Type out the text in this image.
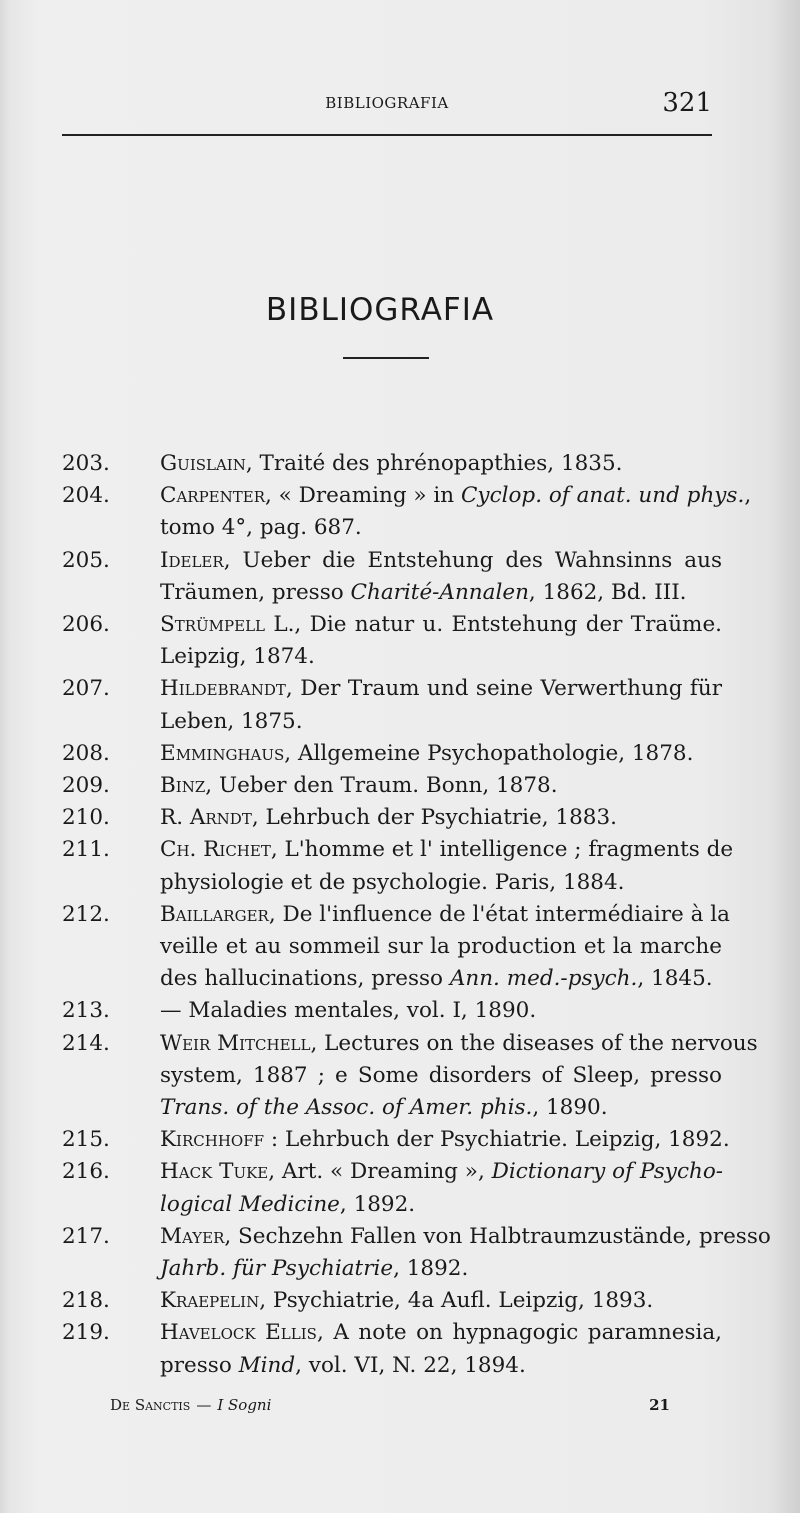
BIBLIOGRAFIA	321
BIBLIOGRAFIA
203 .	Guislain, Traité des phrénopapthies, 1835.
204 .	Carpenter, « Dreaming » in Cyclop. of anat. und phys.,
tomo 4°, pag. 687.
205 .	Ideler, Ueber die Entstehung des Wahnsinns aus
Träumen, presso Charité-Annalen, 1862, Bd. III.
206 .	Strümpell L., Die natur u. Entstehung der Traüme.
Leipzig, 1874.
207 .	Hildebrandt, Der Traum und seine Verwerthung für
Leben, 1875.
208 .	Emminghaus, Allgemeine Psychopathologie, 1878.
209 .	Binz, Ueber den Traum. Bonn, 1878.
210 .	R. Arndt, Lehrbuch der Psychiatrie, 1883.
211 .	Ch. Richet, L'homme et l' intelligence ; fragments de
physiologie et de psychologie. Paris, 1884.
212 .	Baillarger, De l'influence de l'état intermédiaire à la
veille et au sommeil sur la production et la marche
des hallucinations, presso Ann. med.-psych., 1845.
213 .	— Maladies mentales, vol. I, 1890.
214 .	Weir Mitchell, Lectures on the diseases of the nervous
system, 1887 ; e Some disorders of Sleep, presso
Trans. of the Assoc. of Amer. phis., 1890.
215 .	Kirchhoff : Lehrbuch der Psychiatrie. Leipzig, 1892.
216 .	Hack Tuke, Art. « Dreaming », Dictionary of Psycho-
logical Medicine, 1892.
217 .	Mayer, Sechzehn Fallen von Halbtraumzustände, presso
Jahrb. für Psychiatrie, 1892.
218 .	Kraepelin, Psychiatrie, 4a Aufl. Leipzig, 1893.
219 .	Havelock Ellis, A note on hypnagogic paramnesia,
presso Mind, vol. VI, N. 22, 1894.
De Sanctis — I Sogni	21
